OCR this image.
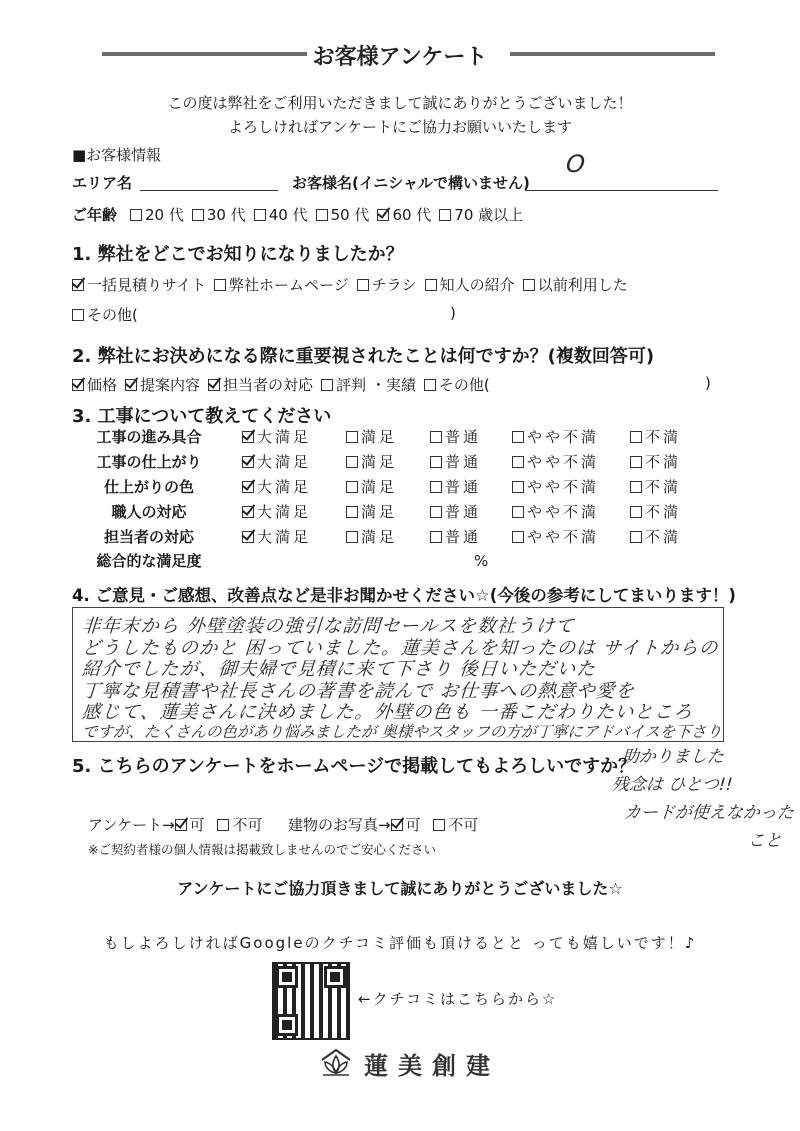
お客様アンケート
この度は弊社をご利用いただきまして誠にありがとうございました！
よろしければアンケートにご協力お願いいたします
■お客様情報
エリア名	お客様名(イニシャルで構いません)
O
ご年齢	20 代 30 代 40 代 50 代 60 代 70 歳以上
1. 弊社をどこでお知りになりましたか？
一括見積りサイト 弊社ホームページ チラシ 知人の紹介 以前利用した
その他(	)
2. 弊社にお決めになる際に重要視されたことは何ですか？(複数回答可)
価格 提案内容 担当者の対応 評判 ・実績 その他(	)
3. 工事について教えてください
工事の進み具合	大満足	満足	普通	やや不満	不満
工事の仕上がり	大満足	満足	普通	やや不満	不満
仕上がりの色	大満足	満足	普通	やや不満	不満
職人の対応	大満足	満足	普通	やや不満	不満
担当者の対応	大満足	満足	普通	やや不満	不満
総合的な満足度	%
4. ご意見・ご感想、改善点など是非お聞かせください☆(今後の参考にしてまいります！)
非年末から 外壁塗装の強引な訪問セールスを数社うけて
どうしたものかと 困っていました。蓮美さんを知ったのは サイトからの
紹介でしたが、御夫婦で見積に来て下さり 後日いただいた
丁寧な見積書や社長さんの著書を読んで お仕事への熱意や愛を
感じて、蓮美さんに決めました。外壁の色も 一番こだわりたいところ
ですが、たくさんの色があり悩みましたが 奥様やスタッフの方が丁寧にアドバイスを下さり
5. こちらのアンケートをホームページで掲載してもよろしいですか？
アンケート→ 可 不可 建物のお写真→ 可 不可
※ご契約者様の個人情報は掲載致しませんのでご安心ください
助かりました
残念は ひとつ!!
カードが使えなかった
こと
アンケートにご協力頂きまして誠にありがとうございました☆
もしよろしければGoogleのクチコミ評価も頂けるとと っても嬉しいです！♪
←クチコミはこちらから☆
蓮美創建
